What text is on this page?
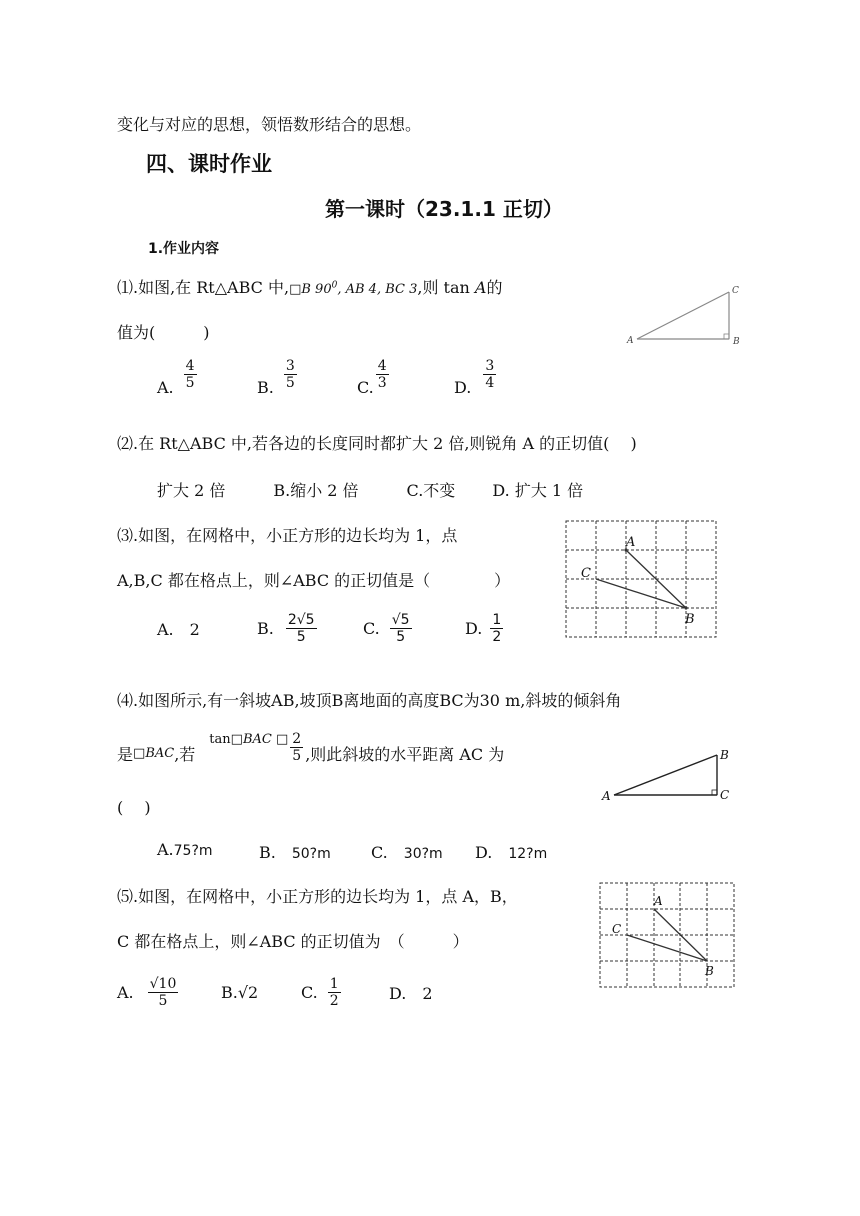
变化与对应的思想，领悟数形结合的思想。
四、课时作业
第一课时（23.1.1 正切）
1.作业内容
⑴.如图,在 Rt△ABC 中,□B $90^0$, AB 4, BC 3,则 tan A的
值为(　　　)	A	B
C
A. $\frac{4}{5}$	B. $\frac{3}{5}$	C. $\frac{4}{3}$	D. $\frac{3}{4}$
⑵.在 Rt△ABC 中,若各边的长度同时都扩大 2 倍,则锐角 A 的正切值(　 )
扩大 2 倍　　　B.缩小 2 倍　　　C.不变　　 D. 扩大 1 倍
⑶.如图，在网格中，小正方形的边长均为 1，点
A,B,C 都在格点上，则∠ABC 的正切值是（　　　　）
A
C
B
A.　2	B. $\frac{2√5}{5}$	C. $\frac{√5}{5}$	D. $\frac{1}{2}$
⑷.如图所示,有一斜坡AB,坡顶B离地面的高度BC为30 m,斜坡的倾斜角
是 □BAC ,若
tan□BAC □ $\frac{2}{5}$ ,则此斜坡的水平距离 AC 为
(　 )
A
B
C
A.75?m	B.　 50?m	C.　 30?m	D.　 12?m
⑸.如图，在网格中，小正方形的边长均为 1，点 A，B，
C 都在格点上，则∠ABC 的正切值为　（　　　）
A
C
B
A. $\frac{√10}{5}$	B.√2	C. $\frac{1}{2}$	D.　2
